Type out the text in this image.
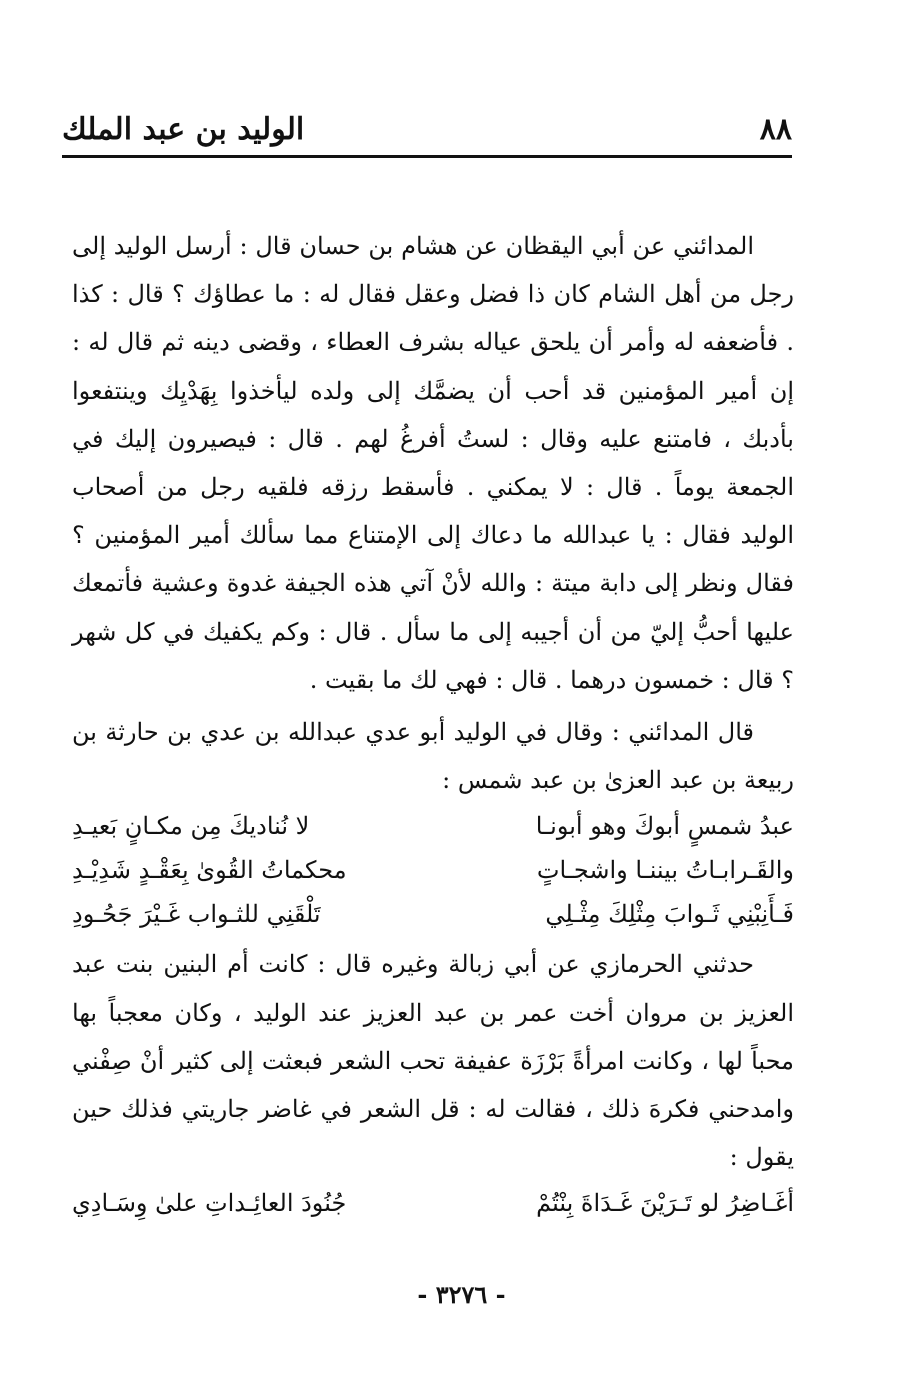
٨٨
الوليد بن عبد الملك

المدائني عن أبي اليقظان عن هشام بن حسان قال : أرسل الوليد إلى رجل من أهل الشام كان ذا فضل وعقل فقال له : ما عطاؤك ؟ قال : كذا . فأضعفه له وأمر أن يلحق عياله بشرف العطاء ، وقضى دينه ثم قال له : إن أمير المؤمنين قد أحب أن يضمَّك إلى ولده ليأخذوا بِهَدْيِك وينتفعوا بأدبك ، فامتنع عليه وقال : لستُ أفرغُ لهم . قال : فيصيرون إليك في الجمعة يوماً . قال : لا يمكني . فأسقط رزقه فلقيه رجل من أصحاب الوليد فقال : يا عبدالله ما دعاك إلى الإمتناع مما سألك أمير المؤمنين ؟ فقال ونظر إلى دابة ميتة : والله لأنْ آتي هذه الجيفة غدوة وعشية فأتمعك عليها أحبُّ إليّ من أن أجيبه إلى ما سأل . قال : وكم يكفيك في كل شهر ؟ قال : خمسون درهما . قال : فهي لك ما بقيت .

قال المدائني : وقال في الوليد أبو عدي عبدالله بن عدي بن حارثة بن ربيعة بن عبد العزىٰ بن عبد شمس :

عبدُ شمسٍ أبوكَ وهو أبونـا
لا نُناديكَ مِن مكـانٍ بَعيـدِ
والقَـرابـاتُ بيننـا واشجـاتٍ
محكماتُ القُوىٰ بِعَقْـدٍ شَدِيْـدِ
فَـأَنِبْنِي ثَـوابَ مِثْلِكَ مِثْـلِي
تَلْقَنِي للثـواب غَـيْرَ جَحُـودِ

حدثني الحرمازي عن أبي زبالة وغيره قال : كانت أم البنين بنت عبد العزيز بن مروان أخت عمر بن عبد العزيز عند الوليد ، وكان معجباً بها محباً لها ، وكانت امرأةً بَرْزَة عفيفة تحب الشعر فبعثت إلى كثير أنْ صِفْني وامدحني فكرهَ ذلك ، فقالت له : قل الشعر في غاضر جاريتي فذلك حين يقول :

أغَـاضِرُ لو تَـرَيْنَ غَـدَاةَ بِنْتُمْ
جُنُودَ العائِـداتِ علىٰ وِسَـادِي
- ٣٢٧٦ -
